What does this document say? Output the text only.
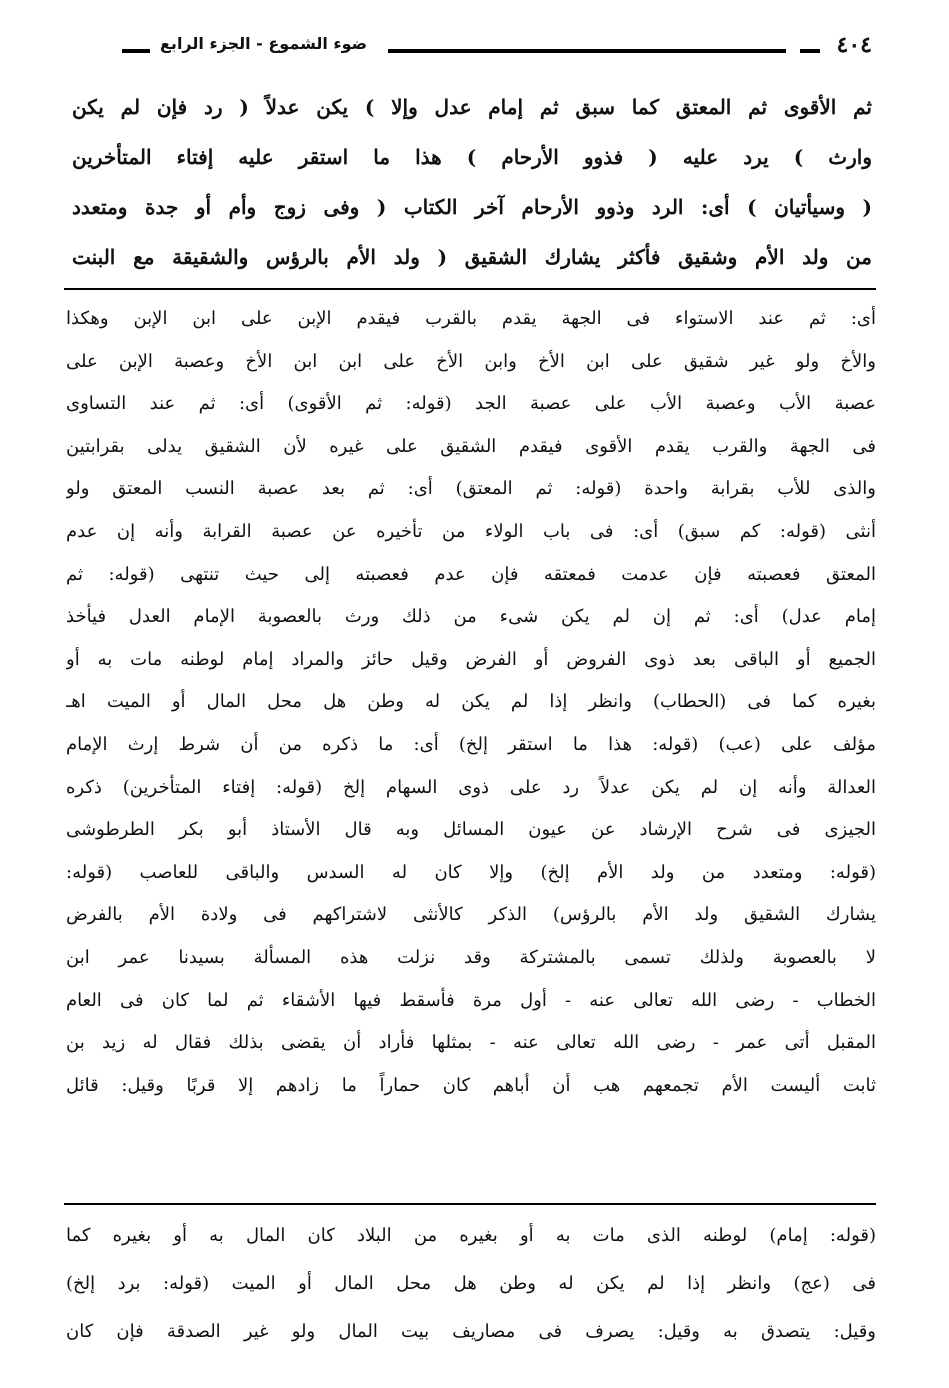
٤٠٤
ضوء الشموع - الجزء الرابع
ثم الأقوى ثم المعتق كما سبق ثم إمام عدل وإلا ) يكن عدلاً ( رد فإن لم يكن
وارث ) يرد عليه ( فذوو الأرحام ) هذا ما استقر عليه إفتاء المتأخرين
( وسيأتيان ) أى: الرد وذوو الأرحام آخر الكتاب ( وفى زوج وأم أو جدة ومتعدد
من ولد الأم وشقيق فأكثر يشارك الشقيق ( ولد الأم بالرؤس والشقيقة مع البنت
أى: ثم عند الاستواء فى الجهة يقدم بالقرب فيقدم الإبن على ابن الإبن وهكذا
والأخ ولو غير شقيق على ابن الأخ وابن الأخ على ابن ابن الأخ وعصبة الإبن على
عصبة الأب وعصبة الأب على عصبة الجد (قوله: ثم الأقوى) أى: ثم عند التساوى
فى الجهة والقرب يقدم الأقوى فيقدم الشقيق على غيره لأن الشقيق يدلى بقرابتين
والذى للأب بقرابة واحدة (قوله: ثم المعتق) أى: ثم بعد عصبة النسب المعتق ولو
أنثى (قوله: كم سبق) أى: فى باب الولاء من تأخيره عن عصبة القرابة وأنه إن عدم
المعتق فعصبته فإن عدمت فمعتقه فإن عدم فعصبته إلى حيث تنتهى (قوله: ثم
إمام عدل) أى: ثم إن لم يكن شىء من ذلك ورث بالعصوبة الإمام العدل فيأخذ
الجميع أو الباقى بعد ذوى الفروض أو الفرض وقيل حائز والمراد إمام لوطنه مات به أو
بغيره كما فى (الحطاب) وانظر إذا لم يكن له وطن هل محل المال أو الميت اهـ
مؤلف على (عب) (قوله: هذا ما استقر إلخ) أى: ما ذكره من أن شرط إرث الإمام
العدالة وأنه إن لم يكن عدلاً رد على ذوى السهام إلخ (قوله: إفتاء المتأخرين) ذكره
الجيزى فى شرح الإرشاد عن عيون المسائل وبه قال الأستاذ أبو بكر الطرطوشى
(قوله: ومتعدد من ولد الأم إلخ) وإلا كان له السدس والباقى للعاصب (قوله:
يشارك الشقيق ولد الأم بالرؤس) الذكر كالأنثى لاشتراكهم فى ولادة الأم بالفرض
لا بالعصوبة ولذلك تسمى بالمشتركة وقد نزلت هذه المسألة بسيدنا عمر ابن
الخطاب - رضى الله تعالى عنه - أول مرة فأسقط فيها الأشقاء ثم لما كان فى العام
المقبل أتى عمر - رضى الله تعالى عنه - بمثلها فأراد أن يقضى بذلك فقال له زيد بن
ثابت أليست الأم تجمعهم هب أن أباهم كان حماراً ما زادهم إلا قربًا وقيل: قائل
(قوله: إمام) لوطنه الذى مات به أو بغيره من البلاد كان المال به أو بغيره كما
فى (عج) وانظر إذا لم يكن له وطن هل محل المال أو الميت (قوله: برد إلخ)
وقيل: يتصدق به وقيل: يصرف فى مصاريف بيت المال ولو غير الصدقة فإن كان
